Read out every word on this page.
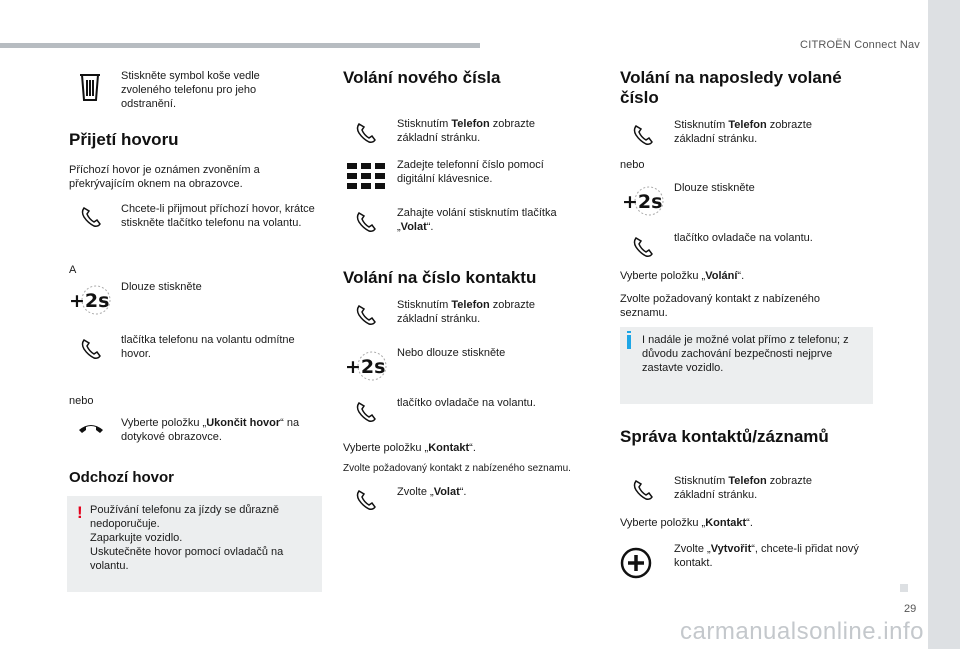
CITROËN Connect Nav
29
carmanualsonline.info
Stiskněte symbol koše vedle zvoleného telefonu pro jeho odstranění.
Přijetí hovoru
Příchozí hovor je oznámen zvoněním a překrývajícím oknem na obrazovce.
Chcete-li přijmout příchozí hovor, krátce stiskněte tlačítko telefonu na volantu.
A
+2s
Dlouze stiskněte
tlačítka telefonu na volantu odmítne hovor.
nebo
Vyberte položku „Ukončit hovor“ na dotykové obrazovce.
Odchozí hovor
! Používání telefonu za jízdy se důrazně nedoporučuje.
Zaparkujte vozidlo.
Uskutečněte hovor pomocí ovladačů na volantu.
Volání nového čísla
Stisknutím Telefon zobrazte základní stránku.
Zadejte telefonní číslo pomocí digitální klávesnice.
Zahajte volání stisknutím tlačítka „Volat“.
Volání na číslo kontaktu
Stisknutím Telefon zobrazte základní stránku.
+2s
Nebo dlouze stiskněte
tlačítko ovladače na volantu.
Vyberte položku „Kontakt“.
Zvolte požadovaný kontakt z nabízeného seznamu.
Zvolte „Volat“.
Volání na naposledy volané číslo
Stisknutím Telefon zobrazte základní stránku.
nebo
+2s
Dlouze stiskněte
tlačítko ovladače na volantu.
Vyberte položku „Volání“.
Zvolte požadovaný kontakt z nabízeného seznamu.
I nadále je možné volat přímo z telefonu; z důvodu zachování bezpečnosti nejprve zastavte vozidlo.
Správa kontaktů/záznamů
Stisknutím Telefon zobrazte základní stránku.
Vyberte položku „Kontakt“.
Zvolte „Vytvořit“, chcete-li přidat nový kontakt.
